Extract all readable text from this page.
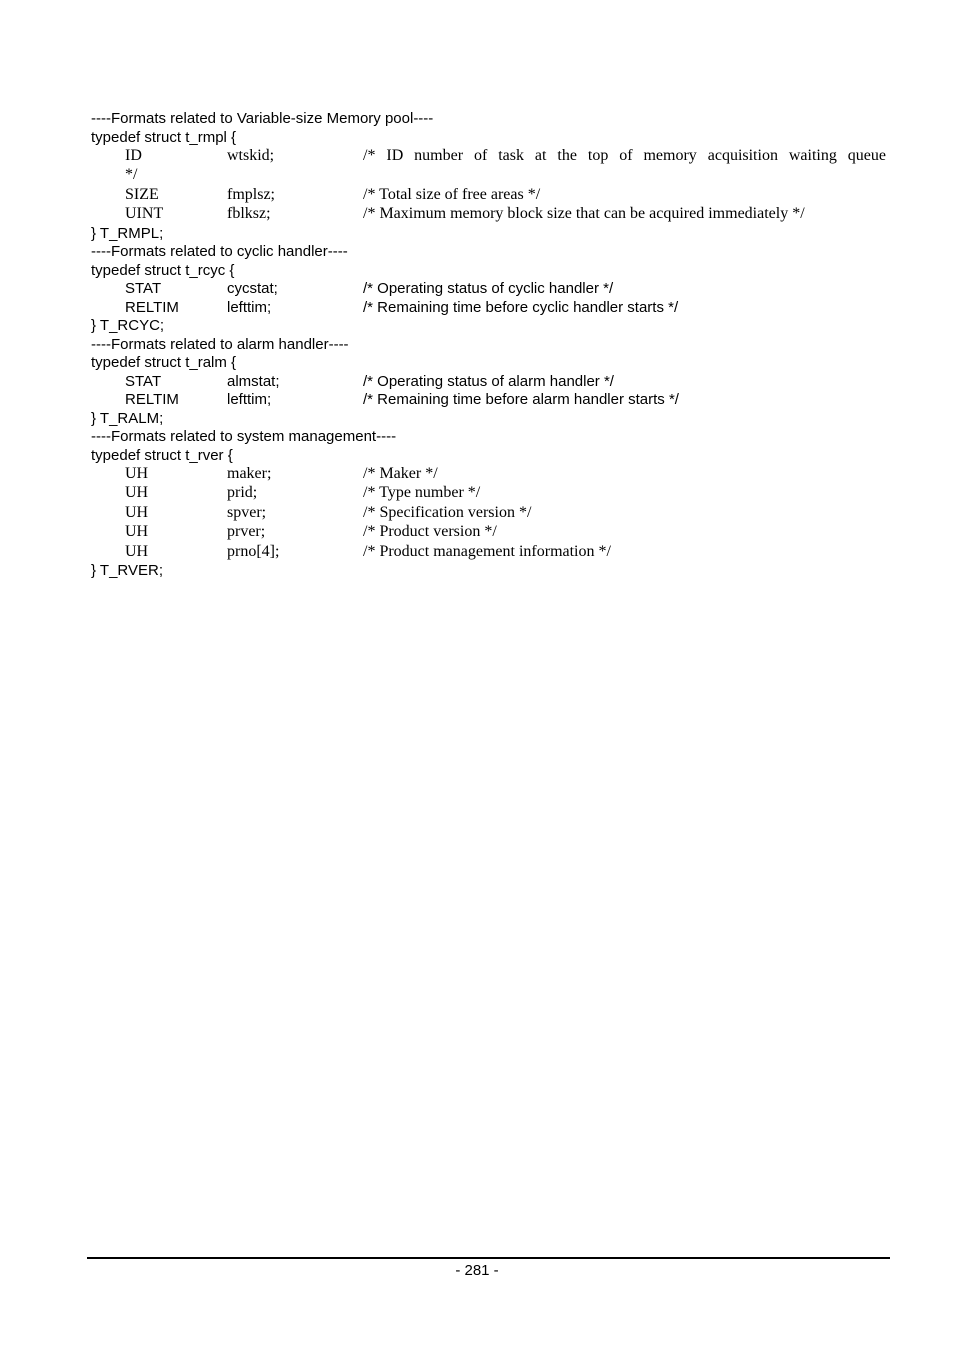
----Formats related to Variable-size Memory pool----
typedef struct t_rmpl {
ID	wtskid;	/* ID number of task at the top of memory acquisition waiting queue
*/
SIZE	fmplsz;	/* Total size of free areas */
UINT	fblksz;	/* Maximum memory block size that can be acquired immediately */
} T_RMPL;
----Formats related to cyclic handler----
typedef struct t_rcyc {
STAT	cycstat;	/* Operating status of cyclic handler */
RELTIM	lefttim;	/* Remaining time before cyclic handler starts */
} T_RCYC;
----Formats related to alarm handler----
typedef struct t_ralm {
STAT	almstat;	/* Operating status of alarm handler */
RELTIM	lefttim;	/* Remaining time before alarm handler starts */
} T_RALM;
----Formats related to system management----
typedef struct t_rver {
UH	maker;	/* Maker */
UH	prid;	/* Type number */
UH	spver;	/* Specification version */
UH	prver;	/* Product version */
UH	prno[4];	/* Product management information */
} T_RVER;
- 281 -
